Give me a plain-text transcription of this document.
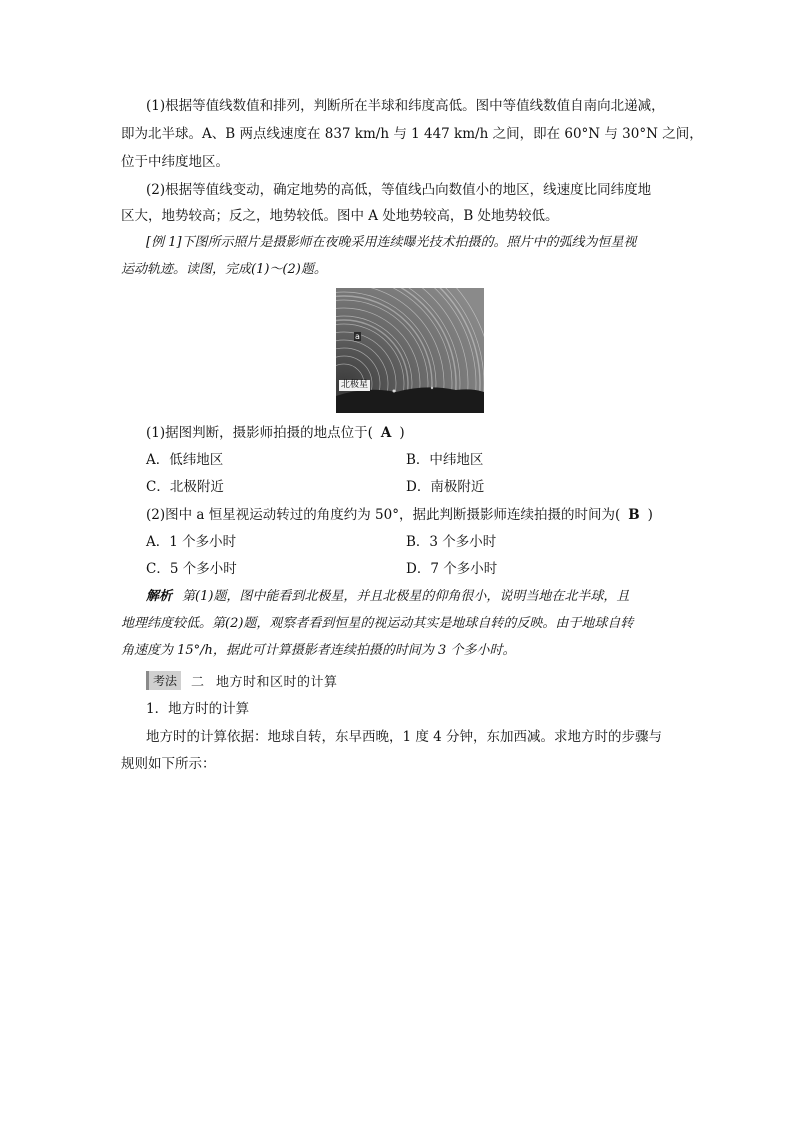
(1)根据等值线数值和排列，判断所在半球和纬度高低。图中等值线数值自南向北递减，
即为北半球。A、B 两点线速度在 837 km/h 与 1 447 km/h 之间，即在 60°N 与 30°N 之间，
位于中纬度地区。
(2)根据等值线变动，确定地势的高低，等值线凸向数值小的地区，线速度比同纬度地
区大，地势较高；反之，地势较低。图中 A 处地势较高，B 处地势较低。
[例 1]下图所示照片是摄影师在夜晚采用连续曝光技术拍摄的。照片中的弧线为恒星视
运动轨迹。读图，完成(1)～(2)题。
a
北极星
(1)据图判断，摄影师拍摄的地点位于( A )
A．低纬地区	B．中纬地区
C．北极附近	D．南极附近
(2)图中 a 恒星视运动转过的角度约为 50°，据此判断摄影师连续拍摄的时间为( B )
A．1 个多小时	B．3 个多小时
C．5 个多小时	D．7 个多小时
解析 第(1)题，图中能看到北极星，并且北极星的仰角很小，说明当地在北半球，且
地理纬度较低。第(2)题，观察者看到恒星的视运动其实是地球自转的反映。由于地球自转
角速度为 15°/h，据此可计算摄影者连续拍摄的时间为 3 个多小时。
考法	二 地方时和区时的计算
1．地方时的计算
地方时的计算依据：地球自转，东早西晚，1 度 4 分钟，东加西减。求地方时的步骤与
规则如下所示：
